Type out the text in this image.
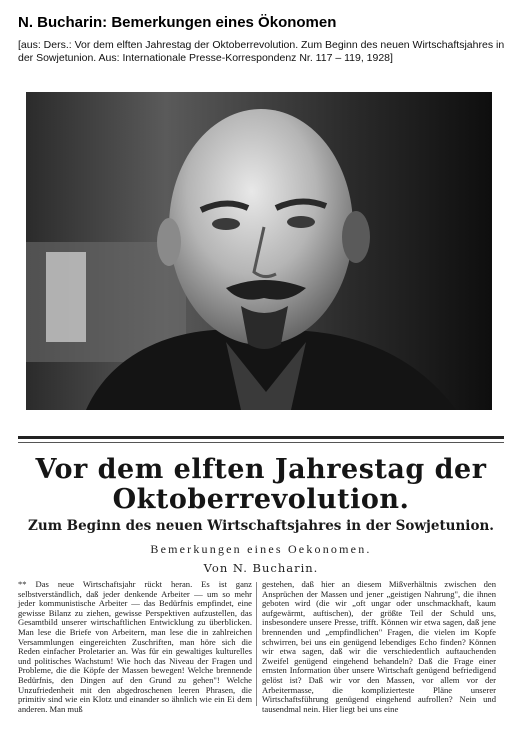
N. Bucharin: Bemerkungen eines Ökonomen
[aus: Ders.: Vor dem elften Jahrestag der Oktoberrevolution. Zum Beginn des neuen Wirtschaftsjahres in der Sowjetunion. Aus: Internationale Presse-Korrespondenz Nr. 117 – 119, 1928]
Vor dem elften Jahrestag der
Oktoberrevolution.
Zum Beginn des neuen Wirtschaftsjahres in der Sowjetunion.
Bemerkungen eines Oekonomen.
Von N. Bucharin.
** Das neue Wirtschaftsjahr rückt heran. Es ist ganz selbstverständlich, daß jeder denkende Arbeiter — um so mehr jeder kommunistische Arbeiter — das Bedürfnis empfindet, eine gewisse Bilanz zu ziehen, gewisse Perspektiven aufzustellen, das Gesamtbild unserer wirtschaftlichen Entwicklung zu überblicken. Man lese die Briefe von Arbeitern, man lese die in zahlreichen Versammlungen eingereichten Zuschriften, man höre sich die Reden einfacher Proletarier an. Was für ein gewaltiges kulturelles und politisches Wachstum! Wie hoch das Niveau der Fragen und Probleme, die die Köpfe der Massen bewegen! Welche brennende Bedürfnis, den Dingen auf den Grund zu gehen"! Welche Unzufriedenheit mit den abgedroschenen leeren Phrasen, die primitiv sind wie ein Klotz und einander so ähnlich wie ein Ei dem anderen. Man muß
gestehen, daß hier an diesem Mißverhältnis zwischen den Ansprüchen der Massen und jener „geistigen Nahrung", die ihnen geboten wird (die wir „oft ungar oder unschmackhaft, kaum aufgewärmt, auftischen), der größte Teil der Schuld uns, insbesondere unsere Presse, trifft. Können wir etwa sagen, daß jene brennenden und „empfindlichen" Fragen, die vielen im Kopfe schwirren, bei uns ein genügend lebendiges Echo finden? Können wir etwa sagen, daß wir die verschiedentlich auftauchenden Zweifel genügend eingehend behandeln? Daß die Frage einer ernsten Information über unsere Wirtschaft genügend befriedigend gelöst ist? Daß wir vor den Massen, vor allem vor der Arbeitermasse, die komplizierteste Pläne unserer Wirtschaftsführung genügend eingehend aufrollen? Nein und tausendmal nein. Hier liegt bei uns eine
